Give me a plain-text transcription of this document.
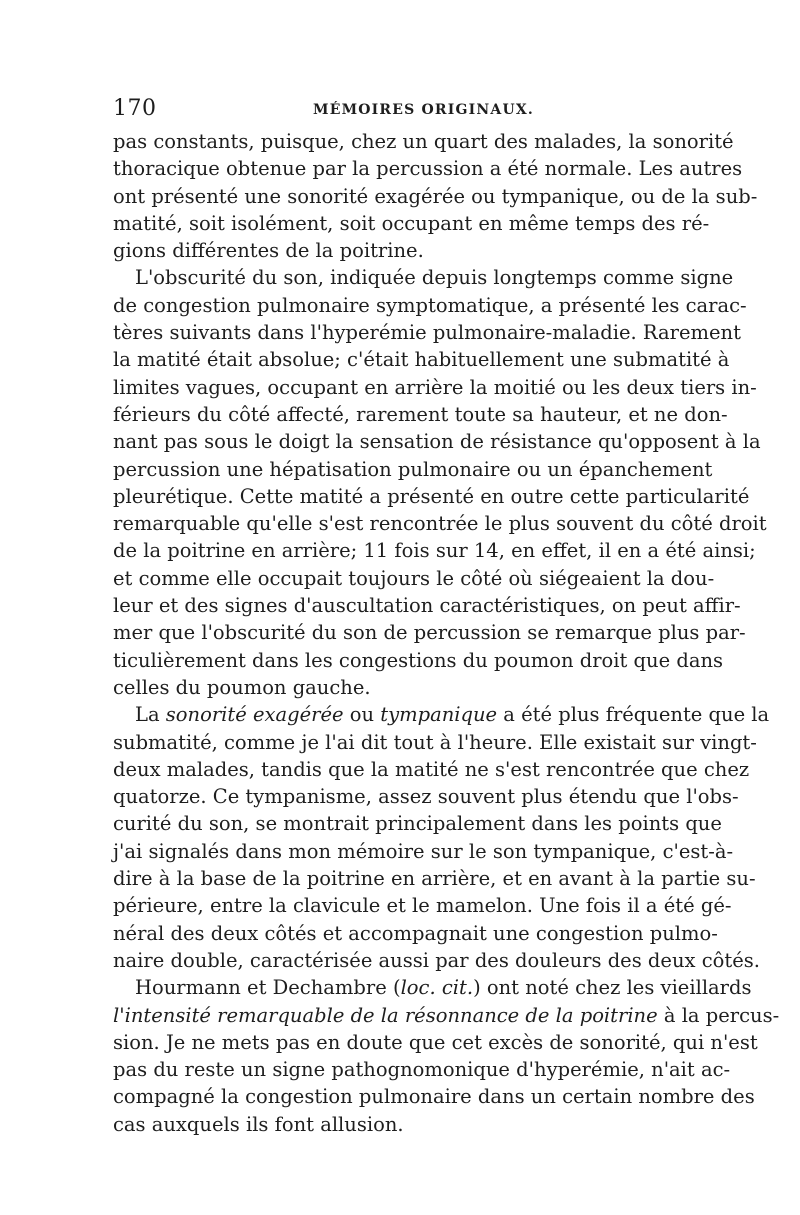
170	MÉMOIRES ORIGINAUX.
pas constants, puisque, chez un quart des malades, la sonorité
thoracique obtenue par la percussion a été normale. Les autres
ont présenté une sonorité exagérée ou tympanique, ou de la sub-
matité, soit isolément, soit occupant en même temps des ré-
gions différentes de la poitrine.
L'obscurité du son, indiquée depuis longtemps comme signe
de congestion pulmonaire symptomatique, a présenté les carac-
tères suivants dans l'hyperémie pulmonaire-maladie. Rarement
la matité était absolue; c'était habituellement une submatité à
limites vagues, occupant en arrière la moitié ou les deux tiers in-
férieurs du côté affecté, rarement toute sa hauteur, et ne don-
nant pas sous le doigt la sensation de résistance qu'opposent à la
percussion une hépatisation pulmonaire ou un épanchement
pleurétique. Cette matité a présenté en outre cette particularité
remarquable qu'elle s'est rencontrée le plus souvent du côté droit
de la poitrine en arrière; 11 fois sur 14, en effet, il en a été ainsi;
et comme elle occupait toujours le côté où siégeaient la dou-
leur et des signes d'auscultation caractéristiques, on peut affir-
mer que l'obscurité du son de percussion se remarque plus par-
ticulièrement dans les congestions du poumon droit que dans
celles du poumon gauche.
La sonorité exagérée ou tympanique a été plus fréquente que la
submatité, comme je l'ai dit tout à l'heure. Elle existait sur vingt-
deux malades, tandis que la matité ne s'est rencontrée que chez
quatorze. Ce tympanisme, assez souvent plus étendu que l'obs-
curité du son, se montrait principalement dans les points que
j'ai signalés dans mon mémoire sur le son tympanique, c'est-à-
dire à la base de la poitrine en arrière, et en avant à la partie su-
périeure, entre la clavicule et le mamelon. Une fois il a été gé-
néral des deux côtés et accompagnait une congestion pulmo-
naire double, caractérisée aussi par des douleurs des deux côtés.
Hourmann et Dechambre (loc. cit.) ont noté chez les vieillards
l'intensité remarquable de la résonnance de la poitrine à la percus-
sion. Je ne mets pas en doute que cet excès de sonorité, qui n'est
pas du reste un signe pathognomonique d'hyperémie, n'ait ac-
compagné la congestion pulmonaire dans un certain nombre des
cas auxquels ils font allusion.
